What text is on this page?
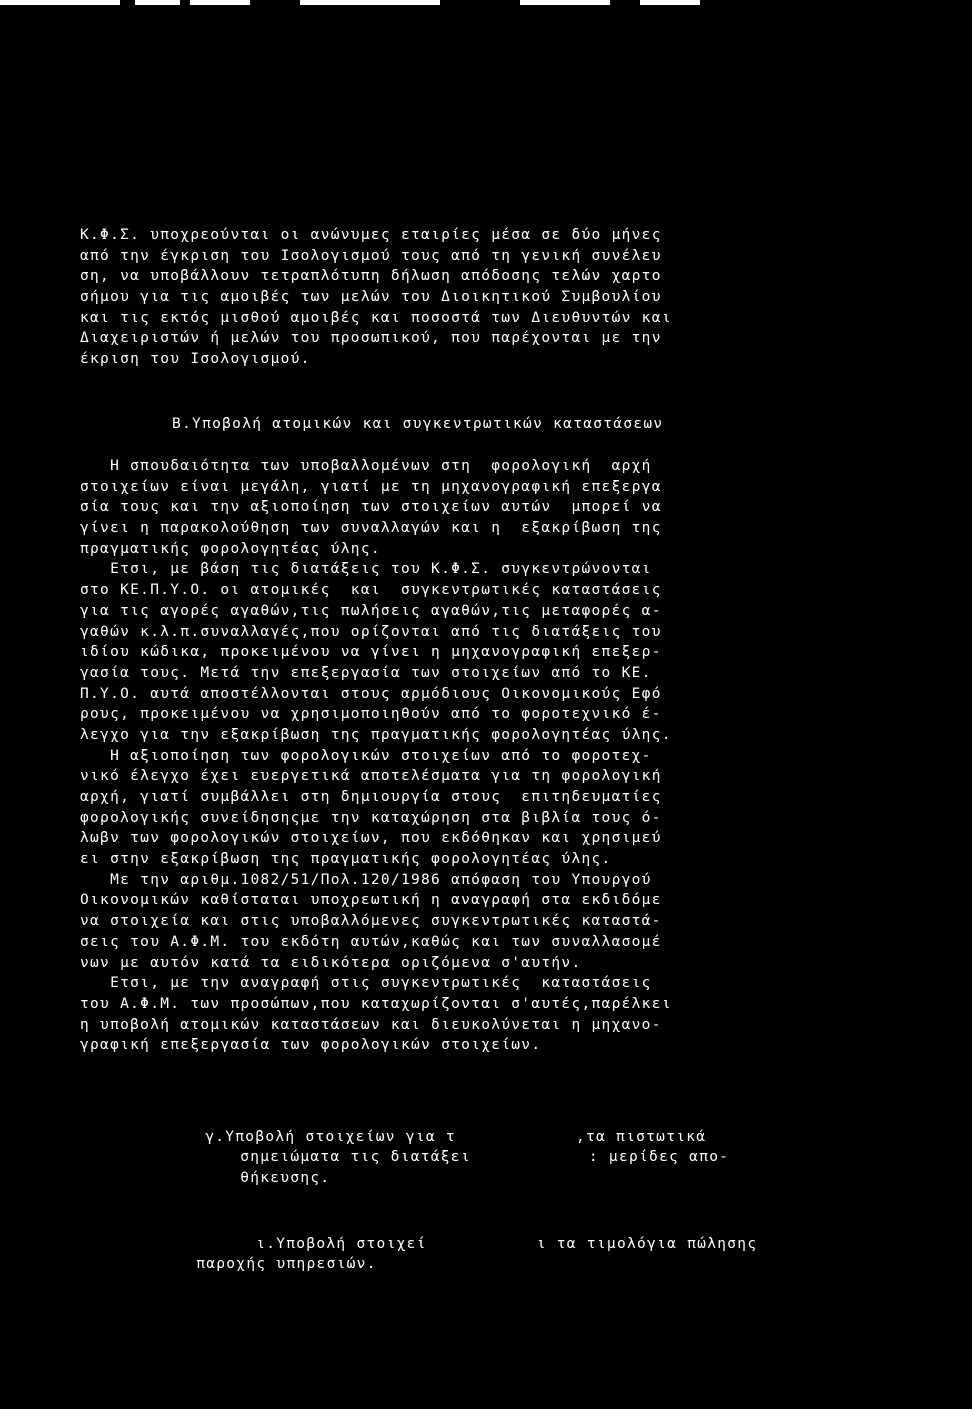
Κ.Φ.Σ. υποχρεούνται οι ανώνυμες εταιρίες μέσα σε δύο μήνες
από την έγκριση του Ισολογισμού τους από τη γενική συνέλευ
ση, να υποβάλλουν τετραπλότυπη δήλωση απόδοσης τελών χαρτο
σήμου για τις αμοιβές των μελών του Διοικητικού Συμβουλίου
και τις εκτός μισθού αμοιβές και ποσοστά των Διευθυντών και
Διαχειριστών ή μελών του προσωπικού, που παρέχονται με την
έκριση του Ισολογισμού.
Β.Υποβολή ατομικών και συγκεντρωτικών καταστάσεων
Η σπουδαιότητα των υποβαλλομένων στη  φορολογική  αρχή
στοιχείων είναι μεγάλη, γιατί με τη μηχανογραφική επεξεργα
σία τους και την αξιοποίηση των στοιχείων αυτών  μπορεί να
γίνει η παρακολούθηση των συναλλαγών και η  εξακρίβωση της
πραγματικής φορολογητέας ύλης.
Ετσι, με βάση τις διατάξεις του Κ.Φ.Σ. συγκεντρώνονται
στο ΚΕ.Π.Υ.Ο. οι ατομικές  και  συγκεντρωτικές καταστάσεις
για τις αγορές αγαθών,τις πωλήσεις αγαθών,τις μεταφορές α-
γαθών κ.λ.π.συναλλαγές,που ορίζονται από τις διατάξεις του
ιδίου κώδικα, προκειμένου να γίνει η μηχανογραφική επεξερ-
γασία τους. Μετά την επεξεργασία των στοιχείων από το ΚΕ.
Π.Υ.Ο. αυτά αποστέλλονται στους αρμόδιους Οικονομικούς Εφό
ρους, προκειμένου να χρησιμοποιηθούν από το φοροτεχνικό έ-
λεγχο για την εξακρίβωση της πραγματικής φορολογητέας ύλης.
Η αξιοποίηση των φορολογικών στοιχείων από το φοροτεχ-
νικό έλεγχο έχει ευεργετικά αποτελέσματα για τη φορολογική
αρχή, γιατί συμβάλλει στη δημιουργία στους  επιτηδευματίες
φορολογικής συνείδησηςμε την καταχώρηση στα βιβλία τους ό-
λωβν των φορολογικών στοιχείων, που εκδόθηκαν και χρησιμεύ
ει στην εξακρίβωση της πραγματικής φορολογητέας ύλης.
Με την αριθμ.1082/51/Πολ.120/1986 απόφαση του Υπουργού
Οικονομικών καθίσταται υποχρεωτική η αναγραφή στα εκδιδόμε
να στοιχεία και στις υποβαλλόμενες συγκεντρωτικές καταστά-
σεις του Α.Φ.Μ. του εκδότη αυτών,καθώς και των συναλλασομέ
νων με αυτόν κατά τα ειδικότερα οριζόμενα σ'αυτήν.
Ετσι, με την αναγραφή στις συγκεντρωτικές  καταστάσεις
του Α.Φ.Μ. των προσώπων,που καταχωρίζονται σ'αυτές,παρέλκει
η υποβολή ατομικών καταστάσεων και διευκολύνεται η μηχανο-
γραφική επεξεργασία των φορολογικών στοιχείων.

γ.Υποβολή στοιχείων για τ	,τα πιστωτικά

σημειώματα τις διατάξει	: μερίδες απο-

θήκευσης.

ι.Υποβολή στοιχεί	ι τα τιμολόγια πώλησης

παροχής υπηρεσιών.
